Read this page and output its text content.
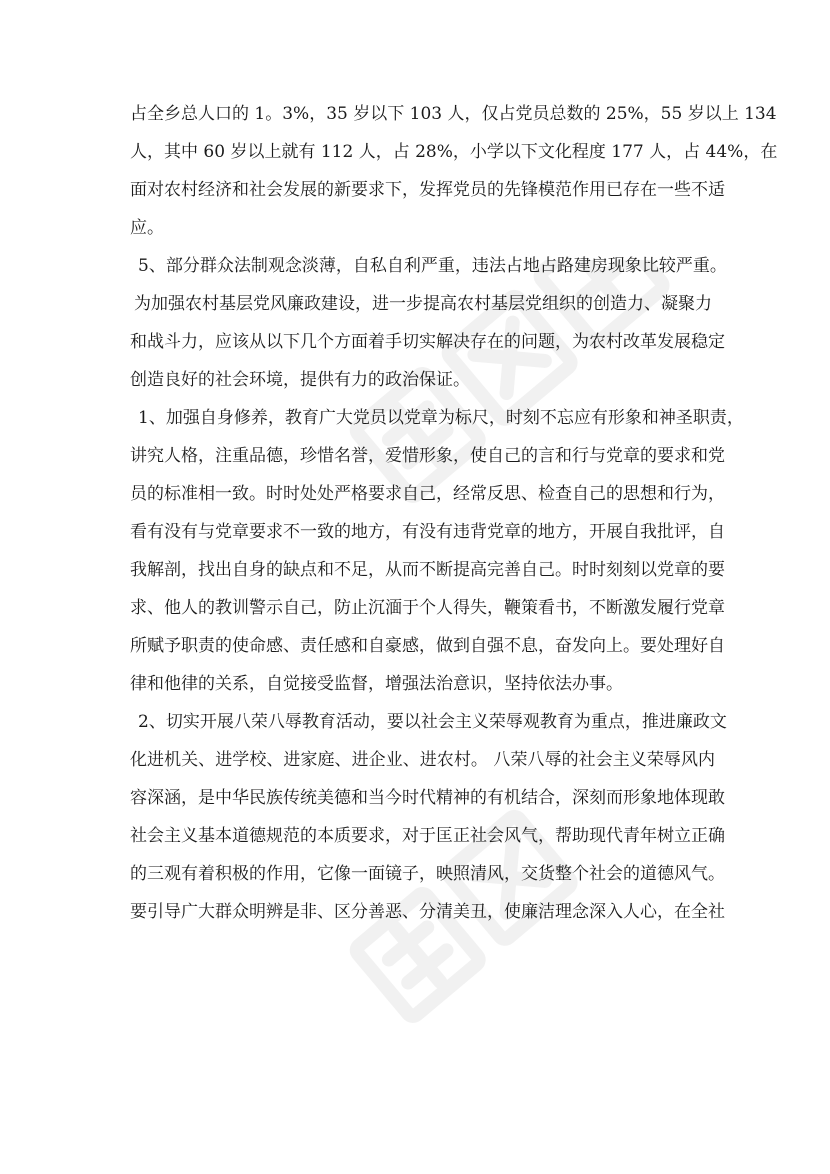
占全乡总人口的 1。3%，35 岁以下 103 人，仅占党员总数的 25%，55 岁以上 134
人，其中 60 岁以上就有 112 人，占 28%，小学以下文化程度 177 人，占 44%，在
面对农村经济和社会发展的新要求下，发挥党员的先锋模范作用已存在一些不适
应。
5、部分群众法制观念淡薄，自私自利严重，违法占地占路建房现象比较严重。
为加强农村基层党风廉政建设，进一步提高农村基层党组织的创造力、凝聚力
和战斗力，应该从以下几个方面着手切实解决存在的问题，为农村改革发展稳定
创造良好的社会环境，提供有力的政治保证。
1、加强自身修养，教育广大党员以党章为标尺，时刻不忘应有形象和神圣职责，
讲究人格，注重品德，珍惜名誉，爱惜形象，使自己的言和行与党章的要求和党
员的标准相一致。时时处处严格要求自己，经常反思、检查自己的思想和行为，
看有没有与党章要求不一致的地方，有没有违背党章的地方，开展自我批评，自
我解剖，找出自身的缺点和不足，从而不断提高完善自己。时时刻刻以党章的要
求、他人的教训警示自己，防止沉湎于个人得失，鞭策看书，不断激发履行党章
所赋予职责的使命感、责任感和自豪感，做到自强不息，奋发向上。要处理好自
律和他律的关系，自觉接受监督，增强法治意识，坚持依法办事。
2、切实开展八荣八辱教育活动，要以社会主义荣辱观教育为重点，推进廉政文
化进机关、进学校、进家庭、进企业、进农村。 八荣八辱的社会主义荣辱风内
容深涵，是中华民族传统美德和当今时代精神的有机结合，深刻而形象地体现敢
社会主义基本道德规范的本质要求，对于匡正社会风气，帮助现代青年树立正确
的三观有着积极的作用，它像一面镜子，映照清风，交货整个社会的道德风气。
要引导广大群众明辨是非、区分善恶、分清美丑，使廉洁理念深入人心，在全社
